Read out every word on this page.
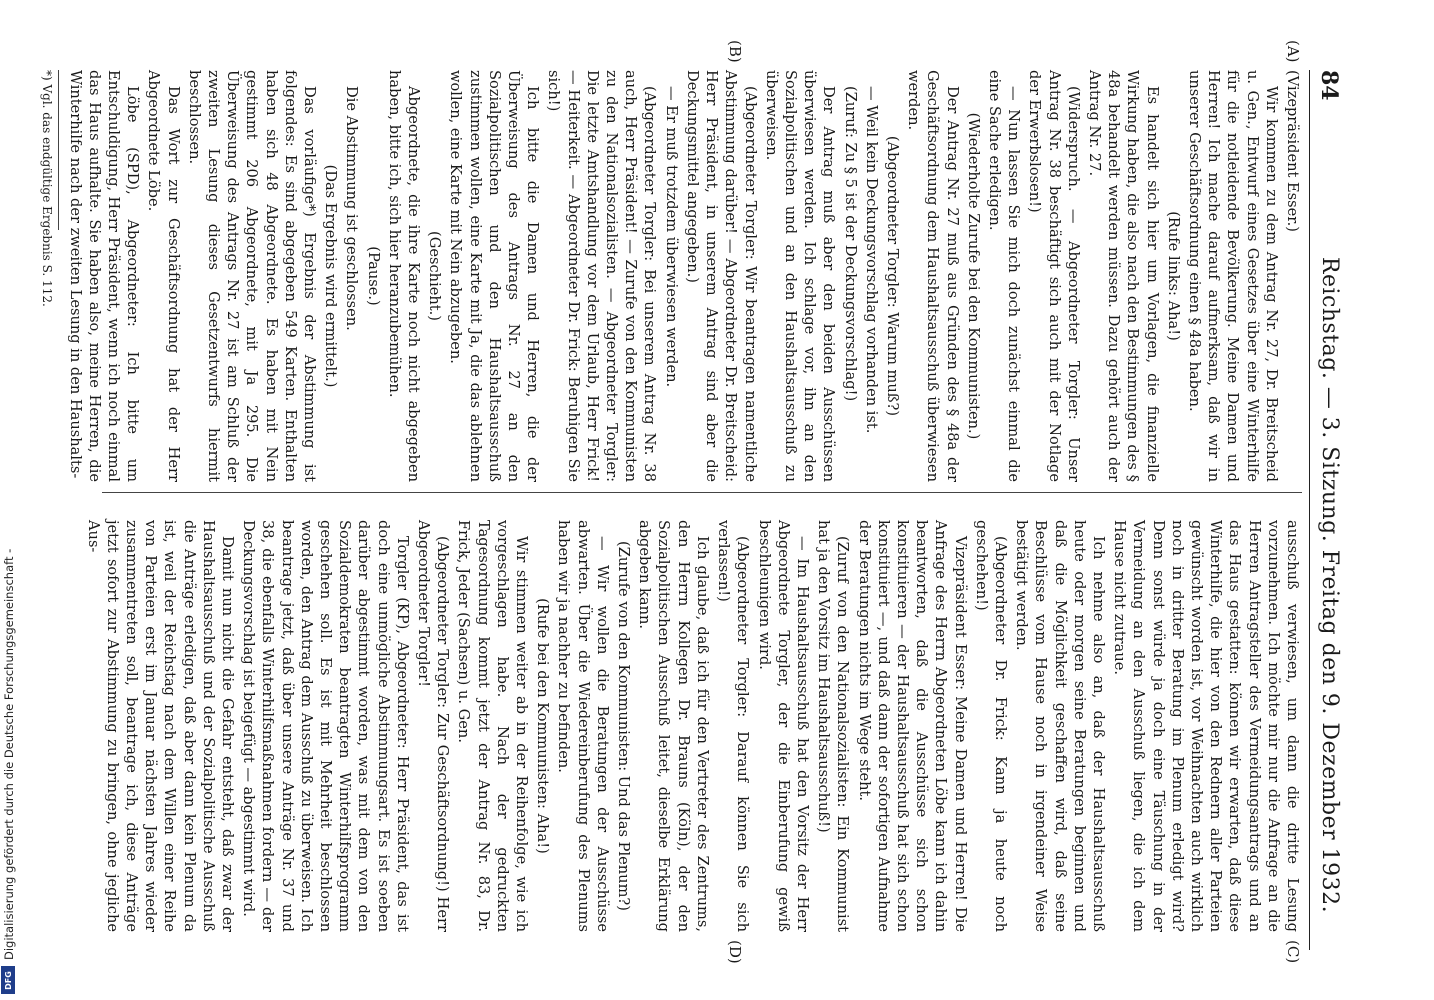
84
Reichstag. — 3. Sitzung. Freitag den 9. Dezember 1932.
(A)
(B)
(C)
(D)

(Vizepräsident Esser.)

Wir kommen zu dem Antrag Nr. 27, Dr. Breitscheid u. Gen., Entwurf eines Gesetzes über eine Winterhilfe für die notleidende Bevölkerung. Meine Damen und Herren! Ich mache darauf aufmerksam, daß wir in unserer Geschäftsordnung einen § 48a haben.

(Rufe links: Aha!)

Es handelt sich hier um Vorlagen, die finanzielle Wirkung haben, die also nach den Bestimmungen des § 48a behandelt werden müssen. Dazu gehört auch der Antrag Nr. 27.

(Widerspruch. — Abgeordneter Torgler: Unser Antrag Nr. 38 beschäftigt sich auch mit der Notlage der Erwerbslosen!)

— Nun lassen Sie mich doch zunächst einmal die eine Sache erledigen.

(Wiederholte Zurufe bei den Kommunisten.)

Der Antrag Nr. 27 muß aus Gründen des § 48a der Geschäftsordnung dem Haushaltsausschuß überwiesen werden.

(Abgeordneter Torgler: Warum muß?)

— Weil kein Deckungsvorschlag vorhanden ist.

(Zuruf: Zu § 5 ist der Deckungsvorschlag!)

Der Antrag muß aber den beiden Ausschüssen überwiesen werden. Ich schlage vor, ihn an den Sozialpolitischen und an den Haushaltsausschuß zu überweisen.

(Abgeordneter Torgler: Wir beantragen namentliche Abstimmung darüber! — Abgeordneter Dr. Breitscheid: Herr Präsident, in unserem Antrag sind aber die Deckungsmittel angegeben.)

— Er muß trotzdem überwiesen werden.

(Abgeordneter Torgler: Bei unserem Antrag Nr. 38 auch, Herr Präsident! — Zurufe von den Kommunisten zu den Nationalsozialisten. — Abgeordneter Torgler: Die letzte Amtshandlung vor dem Urlaub, Herr Frick! — Heiterkeit. — Abgeordneter Dr. Frick: Beruhigen Sie sich!)

Ich bitte die Damen und Herren, die der Überweisung des Antrags Nr. 27 an den Sozialpolitischen und den Haushaltsausschuß zustimmen wollen, eine Karte mit Ja, die das ablehnen wollen, eine Karte mit Nein abzugeben.

(Geschieht.)

Abgeordnete, die ihre Karte noch nicht abgegeben haben, bitte ich, sich hier heranzubemühen.

(Pause.)

Die Abstimmung ist geschlossen.

(Das Ergebnis wird ermittelt.)

Das vorläufige*) Ergebnis der Abstimmung ist folgendes: Es sind abgegeben 549 Karten. Enthalten haben sich 48 Abgeordnete. Es haben mit Nein gestimmt 206 Abgeordnete, mit Ja 295. Die Überweisung des Antrags Nr. 27 ist am Schluß der zweiten Lesung dieses Gesetzentwurfs hiermit beschlossen.

Das Wort zur Geschäftsordnung hat der Herr Abgeordnete Löbe.

Löbe (SPD), Abgeordneter: Ich bitte um Entschuldigung, Herr Präsident, wenn ich noch einmal das Haus aufhalte. Sie haben also, meine Herren, die Winterhilfe nach der zweiten Lesung in den Haushalts-

*) Vgl. das endgültige Ergebnis S. 112.

ausschuß verwiesen, um dann die dritte Lesung vorzunehmen. Ich möchte mir nur die Anfrage an die Herren Antragsteller des Vermeidungsantrags und an das Haus gestatten: können wir erwarten, daß diese Winterhilfe, die hier von den Rednern aller Parteien gewünscht worden ist, vor Weihnachten auch wirklich noch in dritter Beratung im Plenum erledigt wird? Denn sonst würde ja doch eine Täuschung in der Vermeidung an den Ausschuß liegen, die ich dem Hause nicht zutraue.

Ich nehme also an, daß der Haushaltsausschuß heute oder morgen seine Beratungen beginnen und daß die Möglichkeit geschaffen wird, daß seine Beschlüsse vom Hause noch in irgendeiner Weise bestätigt werden.

(Abgeordneter Dr. Frick: Kann ja heute noch geschehen!)

Vizepräsident Esser: Meine Damen und Herren! Die Anfrage des Herrn Abgeordneten Löbe kann ich dahin beantworten, daß die Ausschüsse sich schon konstituieren — der Haushaltsausschuß hat sich schon konstituiert —, und daß dann der sofortigen Aufnahme der Beratungen nichts im Wege steht.

(Zuruf von den Nationalsozialisten: Ein Kommunist hat ja den Vorsitz im Haushaltsausschuß!)

— Im Haushaltsausschuß hat den Vorsitz der Herr Abgeordnete Torgler, der die Einberufung gewiß beschleunigen wird.

(Abgeordneter Torgler: Darauf können Sie sich verlassen!)

Ich glaube, daß ich für den Vertreter des Zentrums, den Herrn Kollegen Dr. Brauns (Köln), der den Sozialpolitischen Ausschuß leitet, dieselbe Erklärung abgeben kann.

(Zurufe von den Kommunisten: Und das Plenum?)

— Wir wollen die Beratungen der Ausschüsse abwarten. Über die Wiedereinberufung des Plenums haben wir ja nachher zu befinden.

(Rufe bei den Kommunisten: Aha!)

Wir stimmen weiter ab in der Reihenfolge, wie ich vorgeschlagen habe. Nach der gedruckten Tagesordnung kommt jetzt der Antrag Nr. 83, Dr. Frick, Jeder (Sachsen) u. Gen.

(Abgeordneter Torgler: Zur Geschäftsordnung!) Herr Abgeordneter Torgler!

Torgler (KP), Abgeordneter: Herr Präsident, das ist doch eine unmögliche Abstimmungsart. Es ist soeben darüber abgestimmt worden, was mit dem von den Sozialdemokraten beantragten Winterhilfsprogramm geschehen soll. Es ist mit Mehrheit beschlossen worden, den Antrag dem Ausschuß zu überweisen. Ich beantrage jetzt, daß über unsere Anträge Nr. 37 und 38, die ebenfalls Winterhilfsmaßnahmen fordern — der Deckungsvorschlag ist beigefügt — abgestimmt wird.

Damit nun nicht die Gefahr entsteht, daß zwar der Haushaltsausschuß und der Sozialpolitische Ausschuß die Anträge erledigen, daß aber dann kein Plenum da ist, weil der Reichstag nach dem Willen einer Reihe von Parteien erst im Januar nächsten Jahres wieder zusammentreten soll, beantrage ich, diese Anträge jetzt sofort zur Abstimmung zu bringen, ohne jegliche Aus-

Digitalisierung gefördert durch die Deutsche Forschungsgemeinschaft -
DFG
